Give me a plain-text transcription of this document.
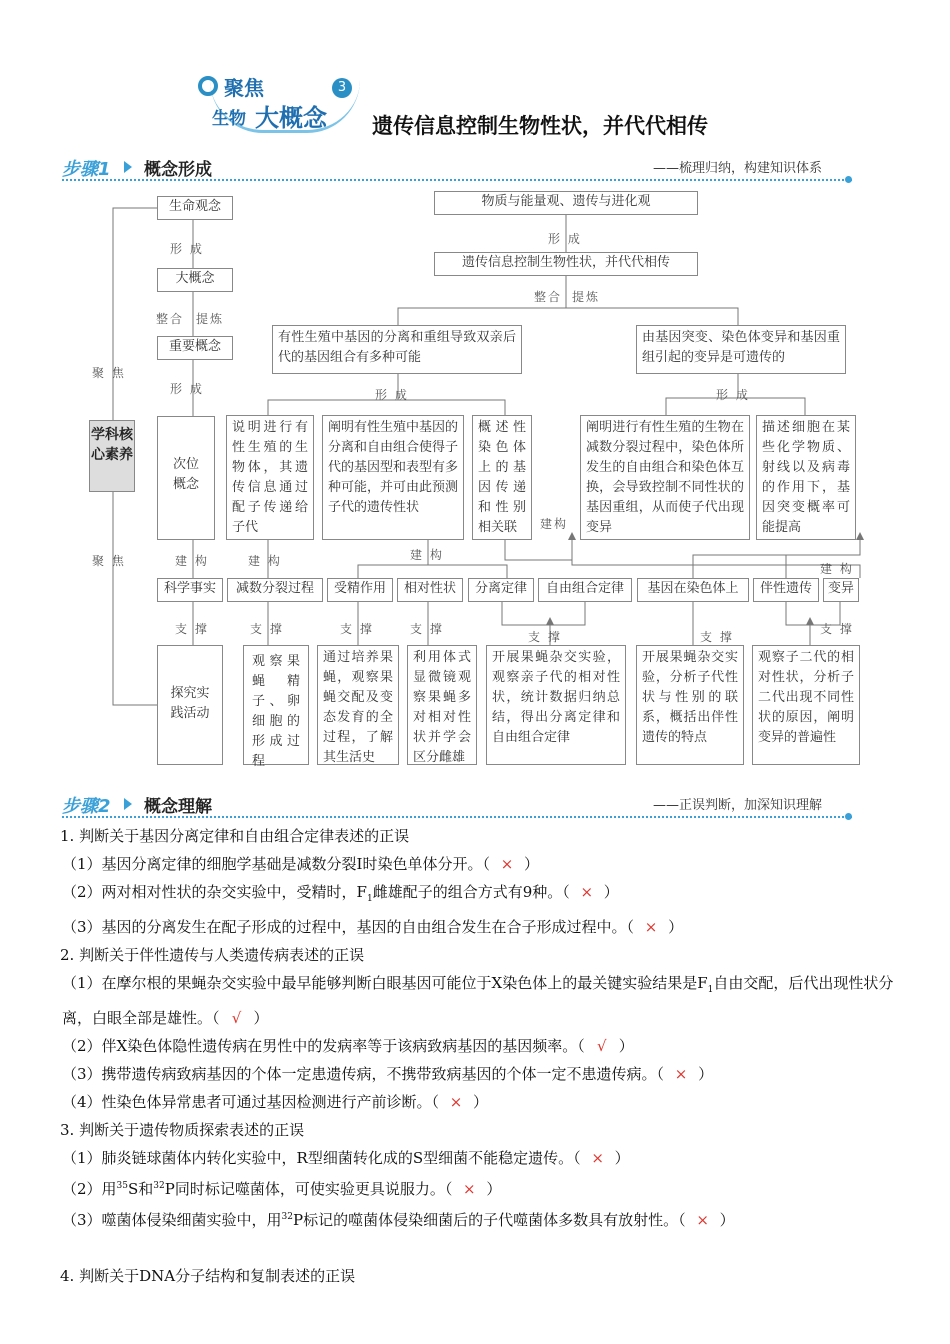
聚焦
生物 大概念
3
遗传信息控制生物性状，并代代相传
步骤1 概念形成	——梳理归纳，构建知识体系
生命观念
形 成
大概念
整合 提炼
重要概念
聚 焦
形 成
学科核心素养
次位概念
聚 焦	建 构
科学事实
支 撑
探究实践活动
物质与能量观、遗传与进化观
形 成
遗传信息控制生物性状，并代代相传
整合 提炼
有性生殖中基因的分离和重组导致双亲后代的基因组合有多种可能
由基因突变、染色体变异和基因重组引起的变异是可遗传的
形 成	形 成
说明进行有性生殖的生物体，其遗传信息通过配子传递给子代
阐明有性生殖中基因的分离和自由组合使得子代的基因型和表型有多种可能，并可由此预测子代的遗传性状
概述性染色体上的基因传递和性别相关联
阐明进行有性生殖的生物在减数分裂过程中，染色体所发生的自由组合和染色体互换，会导致控制不同性状的基因重组，从而使子代出现变异
描述细胞在某些化学物质、射线以及病毒的作用下，基因突变概率可能提高
建 构	建 构
建构
建 构
减数分裂过程	受精作用	相对性状	分离定律	自由组合定律	基因在染色体上	伴性遗传	变异
支 撑	支 撑	支 撑
支 撑	支 撑
支 撑
观察果蝇精子、卵细胞的形成过程
通过培养果蝇，观察果蝇交配及变态发育的全过程，了解其生活史
利用体式显微镜观察果蝇多对相对性状并学会区分雌雄
开展果蝇杂交实验，观察亲子代的相对性状，统计数据归纳总结，得出分离定律和自由组合定律
开展果蝇杂交实验，分析子代性状与性别的联系，概括出伴性遗传的特点
观察子二代的相对性状，分析子二代出现不同性状的原因，阐明变异的普遍性
步骤2 概念理解	——正误判断，加深知识理解

1. 判断关于基因分离定律和自由组合定律表述的正误

（1）基因分离定律的细胞学基础是减数分裂Ⅰ时染色单体分开。（ × ）

（2）两对相对性状的杂交实验中，受精时，$F_1$雌雄配子的组合方式有9种。（ × ）

（3）基因的分离发生在配子形成的过程中，基因的自由组合发生在合子形成过程中。（ × ）

2. 判断关于伴性遗传与人类遗传病表述的正误

（1）在摩尔根的果蝇杂交实验中最早能够判断白眼基因可能位于X染色体上的最关键实验结果是$F_1$自由交配，后代出现性状分离，白眼全部是雄性。（ √ ）

（2）伴X染色体隐性遗传病在男性中的发病率等于该病致病基因的基因频率。（ √ ）

（3）携带遗传病致病基因的个体一定患遗传病，不携带致病基因的个体一定不患遗传病。（ × ）

（4）性染色体异常患者可通过基因检测进行产前诊断。（ × ）

3. 判断关于遗传物质探索表述的正误

（1）肺炎链球菌体内转化实验中，R型细菌转化成的S型细菌不能稳定遗传。（ × ）

（2）用$^{35}$S和$^{32}$P同时标记噬菌体，可使实验更具说服力。（ × ）

（3）噬菌体侵染细菌实验中，用$^{32}$P标记的噬菌体侵染细菌后的子代噬菌体多数具有放射性。（ × ）

4. 判断关于DNA分子结构和复制表述的正误
